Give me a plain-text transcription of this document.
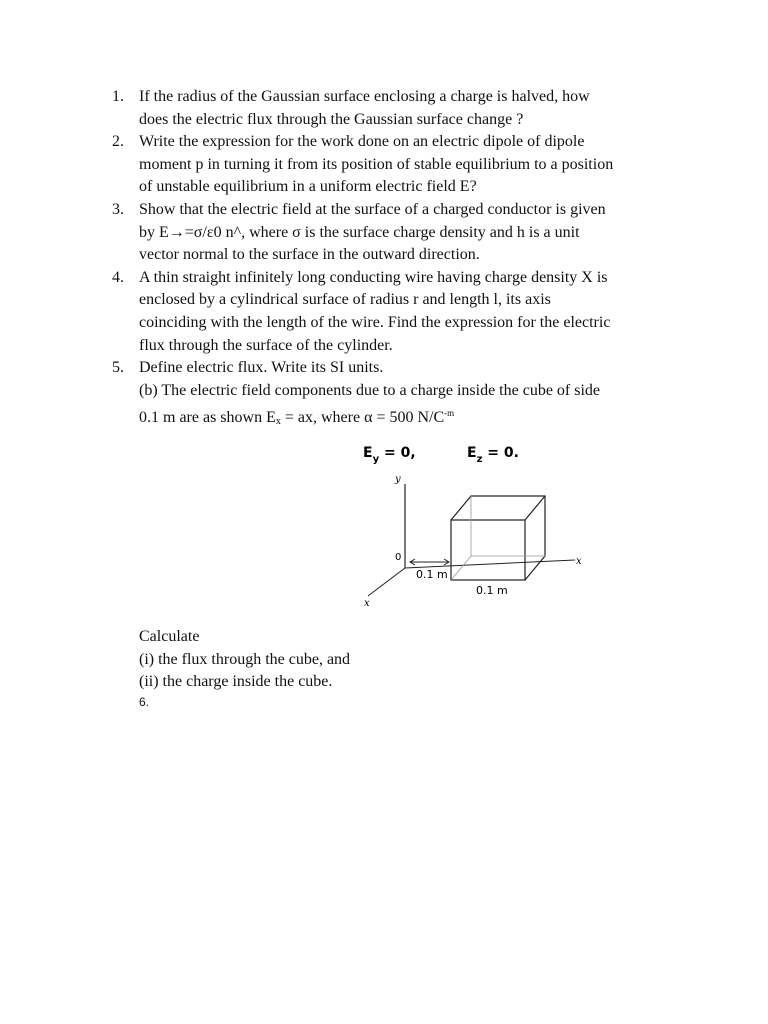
1. If the radius of the Gaussian surface enclosing a charge is halved, how
does the electric flux through the Gaussian surface change ?
2. Write the expression for the work done on an electric dipole of dipole
moment p in turning it from its position of stable equilibrium to a position
of unstable equilibrium in a uniform electric field E?
3. Show that the electric field at the surface of a charged conductor is given
by E→=σ/ε0 n^, where σ is the surface charge density and h is a unit
vector normal to the surface in the outward direction.
4. A thin straight infinitely long conducting wire having charge density X is
enclosed by a cylindrical surface of radius r and length l, its axis
coinciding with the length of the wire. Find the expression for the electric
flux through the surface of the cylinder.
5. Define electric flux. Write its SI units.
(b) The electric field components due to a charge inside the cube of side
0.1 m are as shown $E_x$ = ax, where α = 500 $N/C^{-m}$
$E_y = 0$,	$E_z = 0$.
y
x
x
0
0.1 m
0.1 m
Calculate
(i) the flux through the cube, and
(ii) the charge inside the cube.
6.
